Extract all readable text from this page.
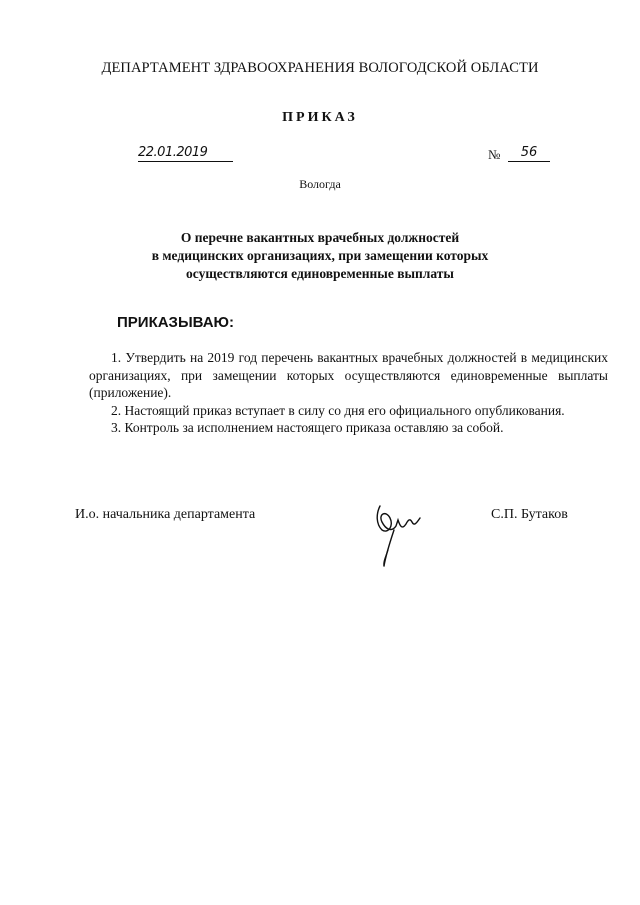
ДЕПАРТАМЕНТ ЗДРАВООХРАНЕНИЯ ВОЛОГОДСКОЙ ОБЛАСТИ
ПРИКАЗ
22.01.2019	№	56
Вологда
О перечне вакантных врачебных должностей
в медицинских организациях, при замещении которых
осуществляются единовременные выплаты
ПРИКАЗЫВАЮ:

1. Утвердить на 2019 год перечень вакантных врачебных должностей в медицинских организациях, при замещении которых осуществляются единовременные выплаты (приложение).

2. Настоящий приказ вступает в силу со дня его официального опубликования.

3. Контроль за исполнением настоящего приказа оставляю за собой.

И.о. начальника департамента	С.П. Бутаков
